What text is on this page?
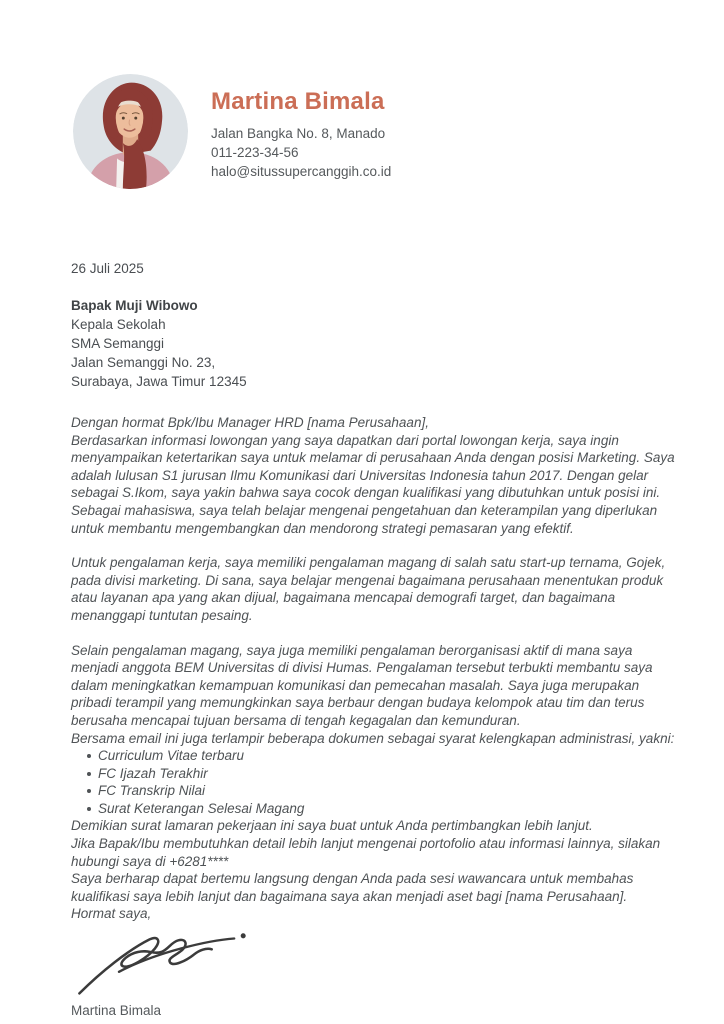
Martina Bimala
Jalan Bangka No. 8, Manado
011-223-34-56
halo@situssupercanggih.co.id
26 Juli 2025
Bapak Muji Wibowo
Kepala Sekolah
SMA Semanggi
Jalan Semanggi No. 23,
Surabaya, Jawa Timur 12345
Dengan hormat Bpk/Ibu Manager HRD [nama Perusahaan],
Berdasarkan informasi lowongan yang saya dapatkan dari portal lowongan kerja, saya ingin menyampaikan ketertarikan saya untuk melamar di perusahaan Anda dengan posisi Marketing. Saya adalah lulusan S1 jurusan Ilmu Komunikasi dari Universitas Indonesia tahun 2017. Dengan gelar sebagai S.Ikom, saya yakin bahwa saya cocok dengan kualifikasi yang dibutuhkan untuk posisi ini. Sebagai mahasiswa, saya telah belajar mengenai pengetahuan dan keterampilan yang diperlukan untuk membantu mengembangkan dan mendorong strategi pemasaran yang efektif.
Untuk pengalaman kerja, saya memiliki pengalaman magang di salah satu start-up ternama, Gojek, pada divisi marketing. Di sana, saya belajar mengenai bagaimana perusahaan menentukan produk atau layanan apa yang akan dijual, bagaimana mencapai demografi target, dan bagaimana menanggapi tuntutan pesaing.
Selain pengalaman magang, saya juga memiliki pengalaman berorganisasi aktif di mana saya menjadi anggota BEM Universitas di divisi Humas. Pengalaman tersebut terbukti membantu saya dalam meningkatkan kemampuan komunikasi dan pemecahan masalah. Saya juga merupakan pribadi terampil yang memungkinkan saya berbaur dengan budaya kelompok atau tim dan terus berusaha mencapai tujuan bersama di tengah kegagalan dan kemunduran.
Bersama email ini juga terlampir beberapa dokumen sebagai syarat kelengkapan administrasi, yakni:
Curriculum Vitae terbaru
FC Ijazah Terakhir
FC Transkrip Nilai
Surat Keterangan Selesai Magang
Demikian surat lamaran pekerjaan ini saya buat untuk Anda pertimbangkan lebih lanjut.
Jika Bapak/Ibu membutuhkan detail lebih lanjut mengenai portofolio atau informasi lainnya, silakan hubungi saya di +6281****
Saya berharap dapat bertemu langsung dengan Anda pada sesi wawancara untuk membahas kualifikasi saya lebih lanjut dan bagaimana saya akan menjadi aset bagi [nama Perusahaan].
Hormat saya,
Martina Bimala
